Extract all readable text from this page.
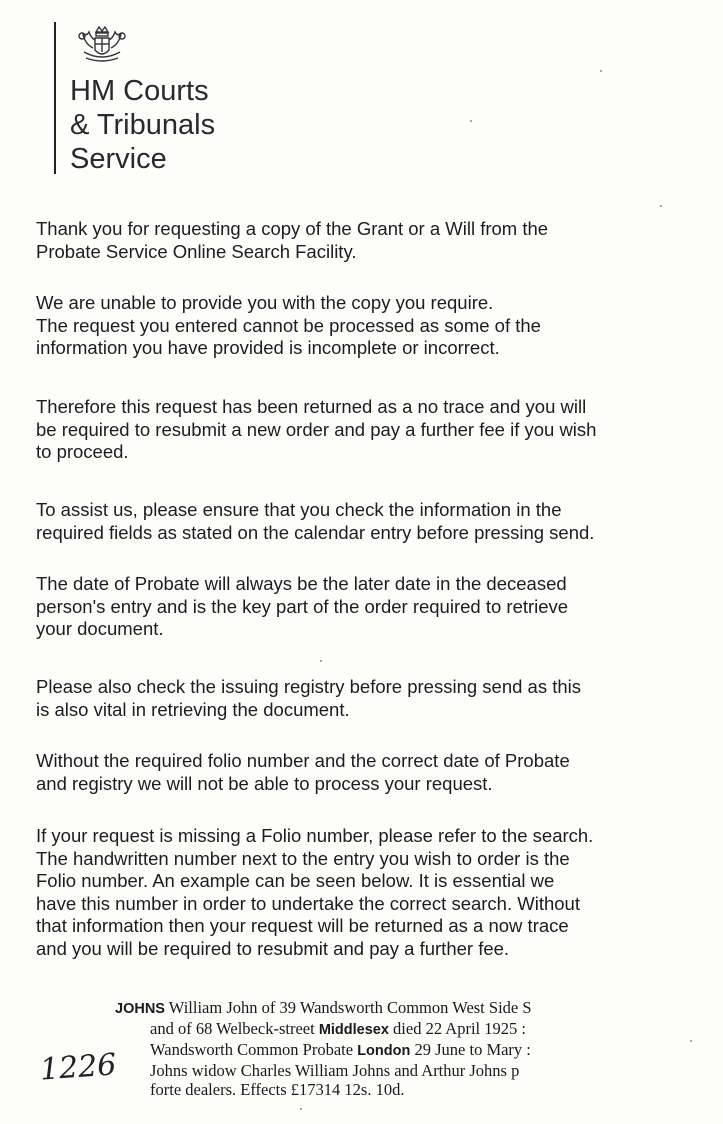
HM Courts
& Tribunals
Service

Thank you for requesting a copy of the Grant or a Will from the
Probate Service Online Search Facility.

We are unable to provide you with the copy you require.
The request you entered cannot be processed as some of the
information you have provided is incomplete or incorrect.

Therefore this request has been returned as a no trace and you will
be required to resubmit a new order and pay a further fee if you wish
to proceed.

To assist us, please ensure that you check the information in the
required fields as stated on the calendar entry before pressing send.

The date of Probate will always be the later date in the deceased
person's entry and is the key part of the order required to retrieve
your document.

Please also check the issuing registry before pressing send as this
is also vital in retrieving the document.

Without the required folio number and the correct date of Probate
and registry we will not be able to process your request.

If your request is missing a Folio number, please refer to the search.
The handwritten number next to the entry you wish to order is the
Folio number. An example can be seen below. It is essential we
have this number in order to undertake the correct search. Without
that information then your request will be returned as a now trace
and you will be required to resubmit and pay a further fee.

JOHNS William John of 39 Wandsworth Common West Side S
and of 68 Welbeck-street Middlesex died 22 April 1925 :
Wandsworth Common Probate London 29 June to Mary :
Johns widow Charles William Johns and Arthur Johns p
forte dealers. Effects £17314 12s. 10d.
1226
